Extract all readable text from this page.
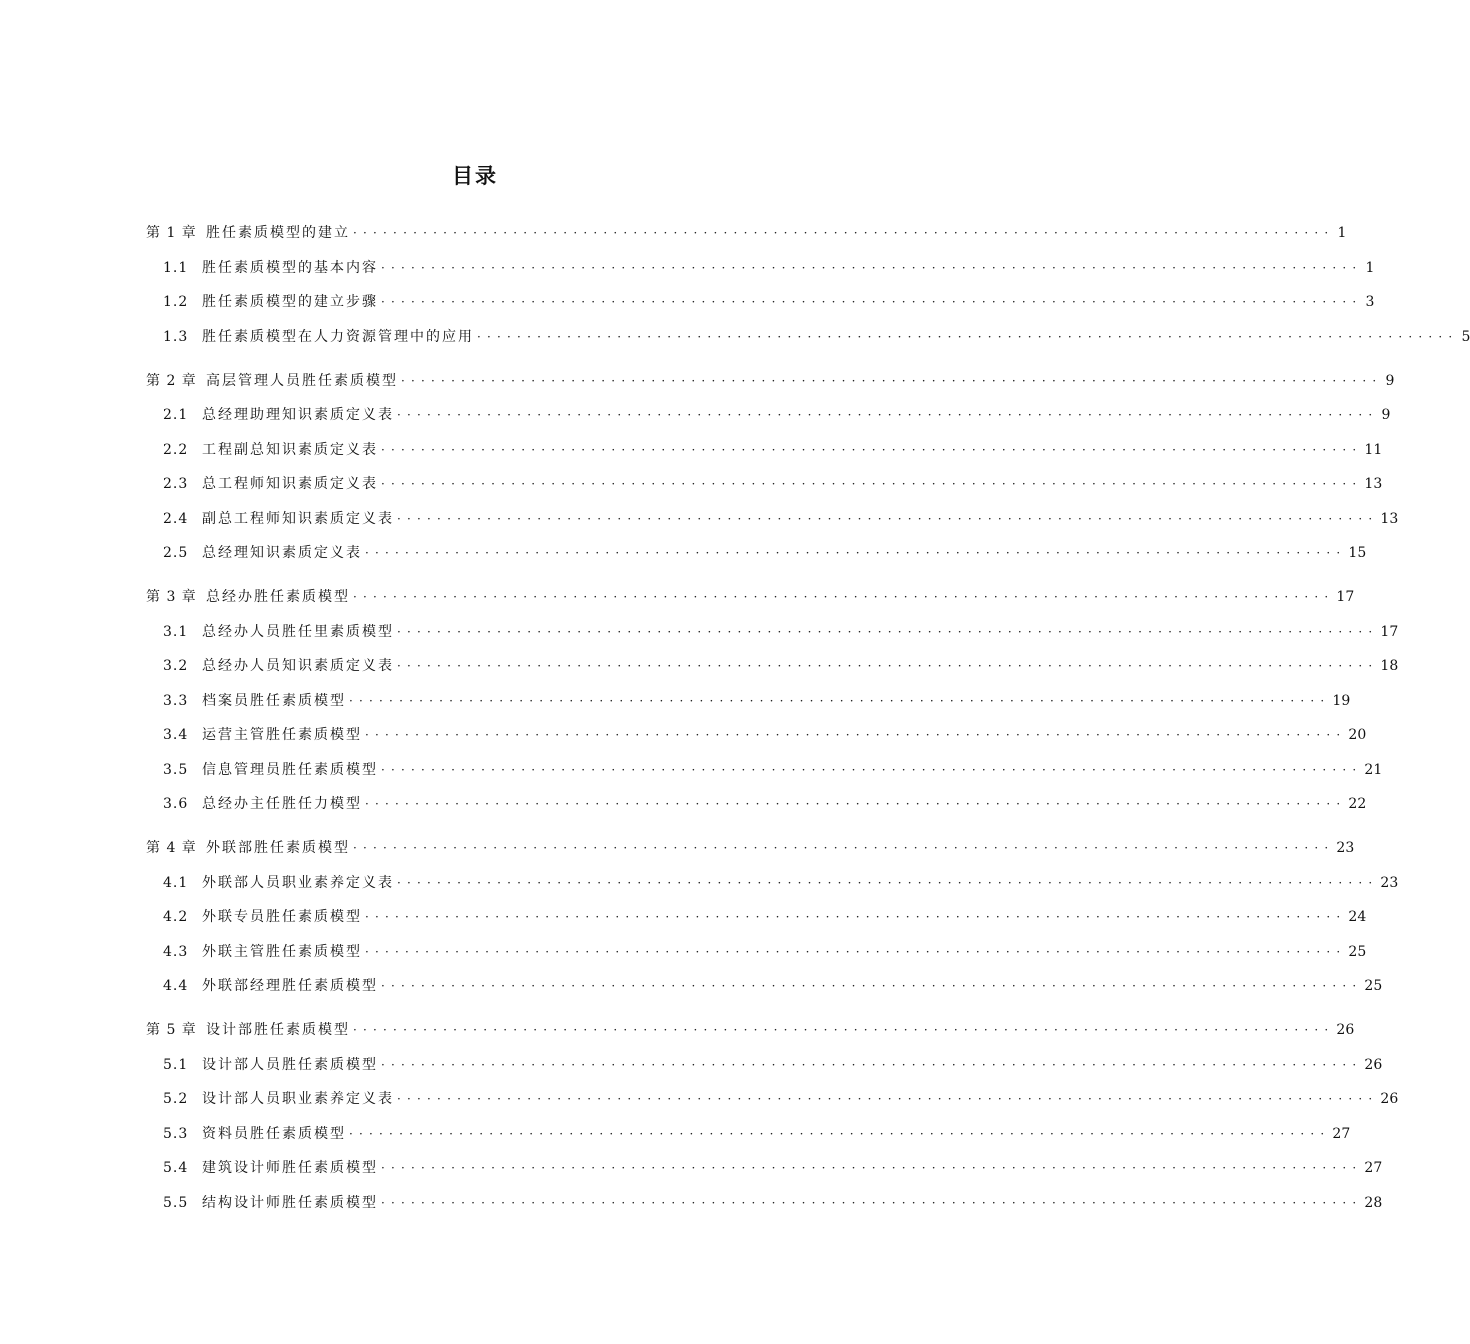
目录
第 1 章 胜任素质模型的建立 ·································································································· 1
1.1 胜任素质模型的基本内容 ·································································································· 1
1.2 胜任素质模型的建立步骤 ·································································································· 3
1.3 胜任素质模型在人力资源管理中的应用 ·································································································· 5
第 2 章 高层管理人员胜任素质模型 ·································································································· 9
2.1 总经理助理知识素质定义表 ·································································································· 9
2.2 工程副总知识素质定义表 ·································································································· 11
2.3 总工程师知识素质定义表 ·································································································· 13
2.4 副总工程师知识素质定义表 ·································································································· 13
2.5 总经理知识素质定义表 ·································································································· 15
第 3 章 总经办胜任素质模型 ·································································································· 17
3.1 总经办人员胜任里素质模型 ·································································································· 17
3.2 总经办人员知识素质定义表 ·································································································· 18
3.3 档案员胜任素质模型 ·································································································· 19
3.4 运营主管胜任素质模型 ·································································································· 20
3.5 信息管理员胜任素质模型 ·································································································· 21
3.6 总经办主任胜任力模型 ·································································································· 22
第 4 章 外联部胜任素质模型 ·································································································· 23
4.1 外联部人员职业素养定义表 ·································································································· 23
4.2 外联专员胜任素质模型 ·································································································· 24
4.3 外联主管胜任素质模型 ·································································································· 25
4.4 外联部经理胜任素质模型 ·································································································· 25
第 5 章 设计部胜任素质模型 ·································································································· 26
5.1 设计部人员胜任素质模型 ·································································································· 26
5.2 设计部人员职业素养定义表 ·································································································· 26
5.3 资料员胜任素质模型 ·································································································· 27
5.4 建筑设计师胜任素质模型 ·································································································· 27
5.5 结构设计师胜任素质模型 ·································································································· 28
